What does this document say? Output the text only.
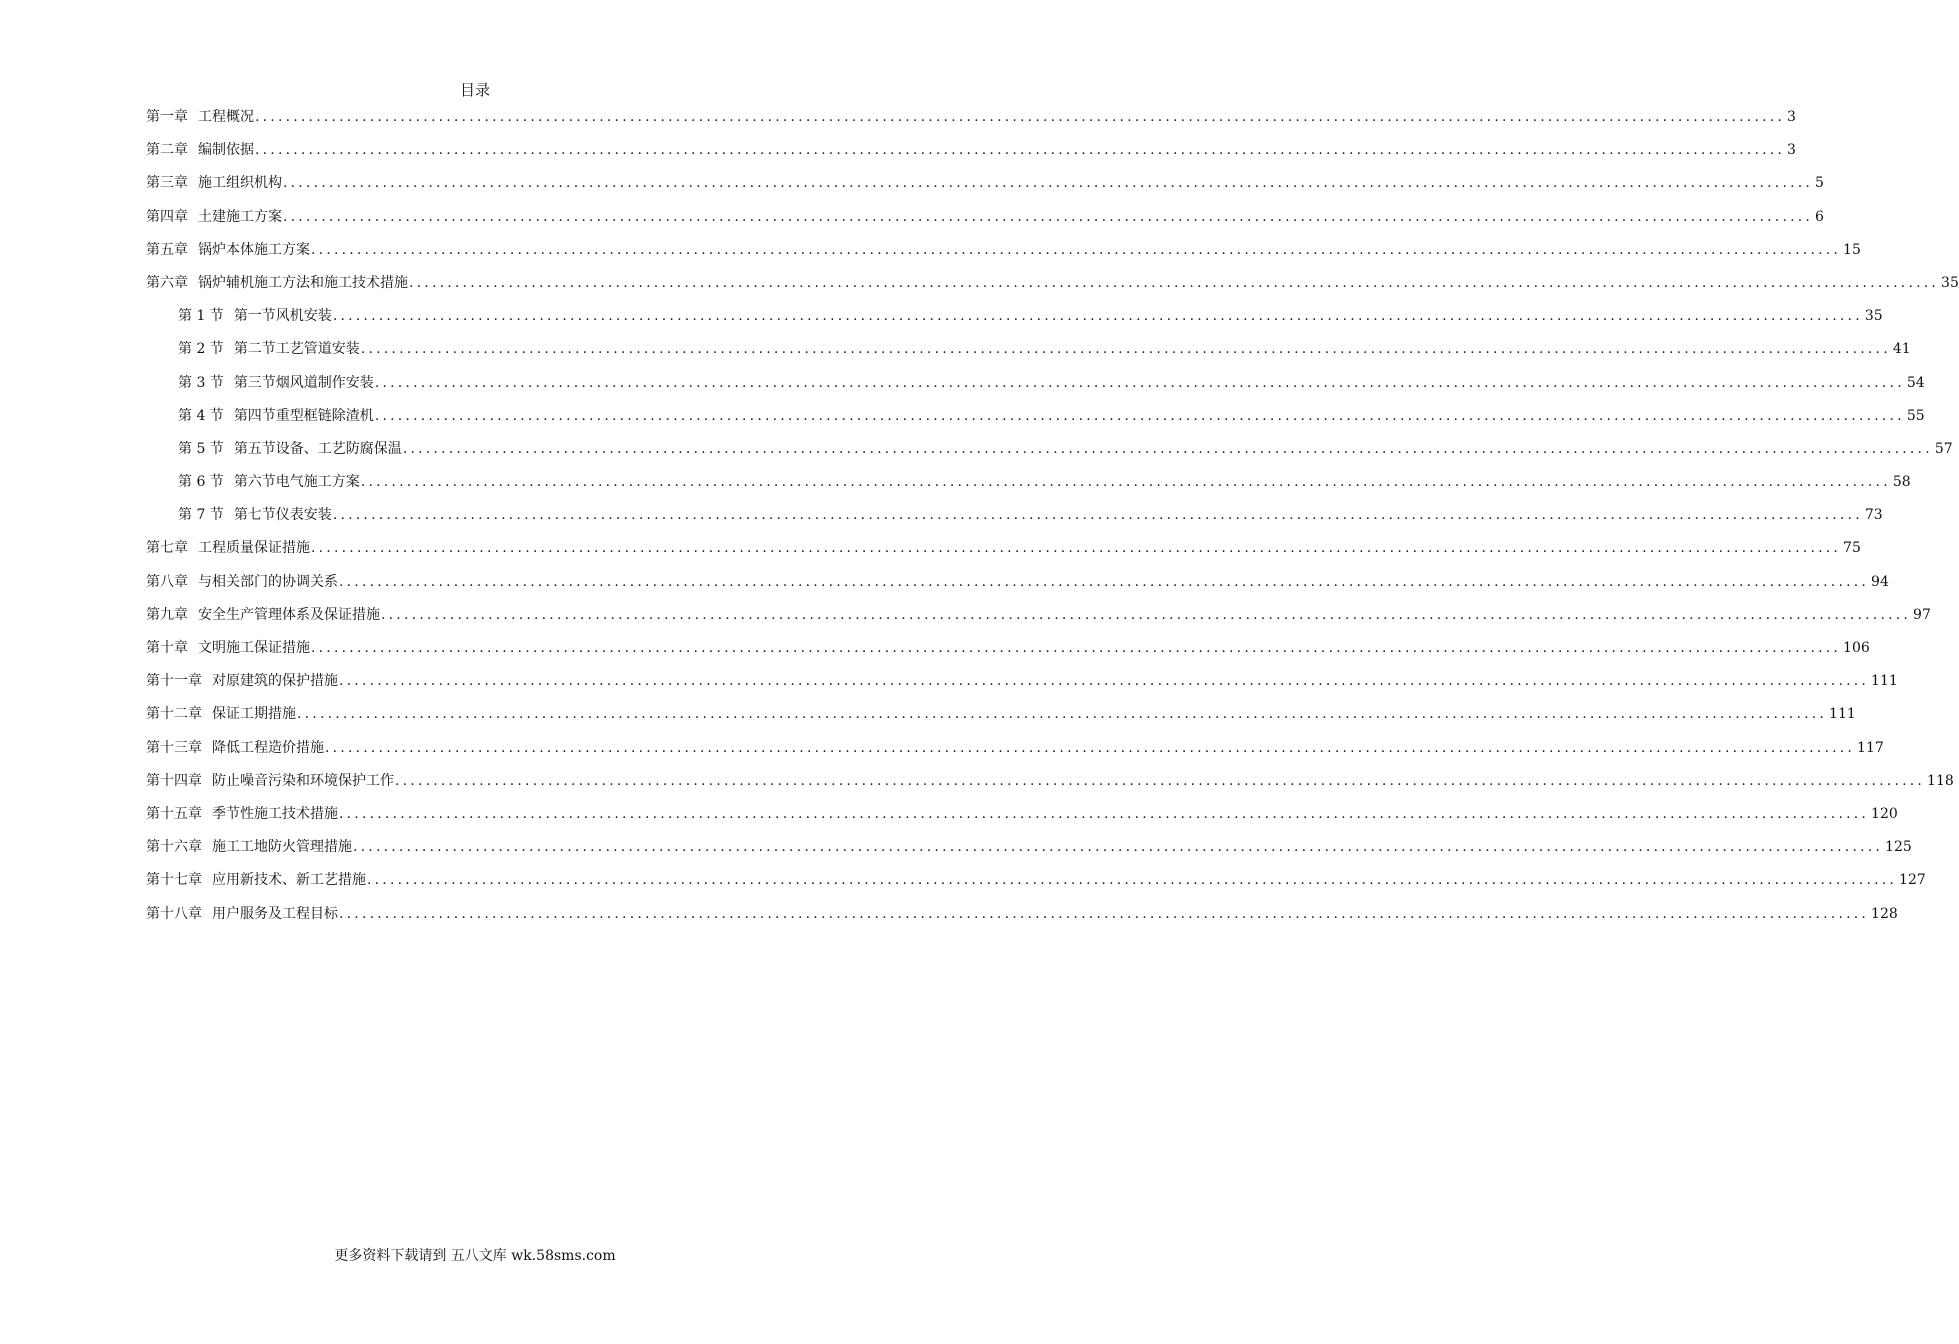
目录
第一章 工程概况 ........................................................................................................................................................................................................ 3
第二章 编制依据 ........................................................................................................................................................................................................ 3
第三章 施工组织机构 ........................................................................................................................................................................................................ 5
第四章 土建施工方案 ........................................................................................................................................................................................................ 6
第五章 锅炉本体施工方案 ........................................................................................................................................................................................................ 15
第六章 锅炉辅机施工方法和施工技术措施 ........................................................................................................................................................................................................ 35
第 1 节 第一节风机安装 ........................................................................................................................................................................................................ 35
第 2 节 第二节工艺管道安装 ........................................................................................................................................................................................................ 41
第 3 节 第三节烟风道制作安装 ........................................................................................................................................................................................................ 54
第 4 节 第四节重型框链除渣机 ........................................................................................................................................................................................................ 55
第 5 节 第五节设备、工艺防腐保温 ........................................................................................................................................................................................................ 57
第 6 节 第六节电气施工方案 ........................................................................................................................................................................................................ 58
第 7 节 第七节仪表安装 ........................................................................................................................................................................................................ 73
第七章 工程质量保证措施 ........................................................................................................................................................................................................ 75
第八章 与相关部门的协调关系 ........................................................................................................................................................................................................ 94
第九章 安全生产管理体系及保证措施 ........................................................................................................................................................................................................ 97
第十章 文明施工保证措施 ........................................................................................................................................................................................................ 106
第十一章 对原建筑的保护措施 ........................................................................................................................................................................................................ 111
第十二章 保证工期措施 ........................................................................................................................................................................................................ 111
第十三章 降低工程造价措施 ........................................................................................................................................................................................................ 117
第十四章 防止噪音污染和环境保护工作 ........................................................................................................................................................................................................ 118
第十五章 季节性施工技术措施 ........................................................................................................................................................................................................ 120
第十六章 施工工地防火管理措施 ........................................................................................................................................................................................................ 125
第十七章 应用新技术、新工艺措施 ........................................................................................................................................................................................................ 127
第十八章 用户服务及工程目标 ........................................................................................................................................................................................................ 128
更多资料下载请到 五八文库 wk.58sms.com
